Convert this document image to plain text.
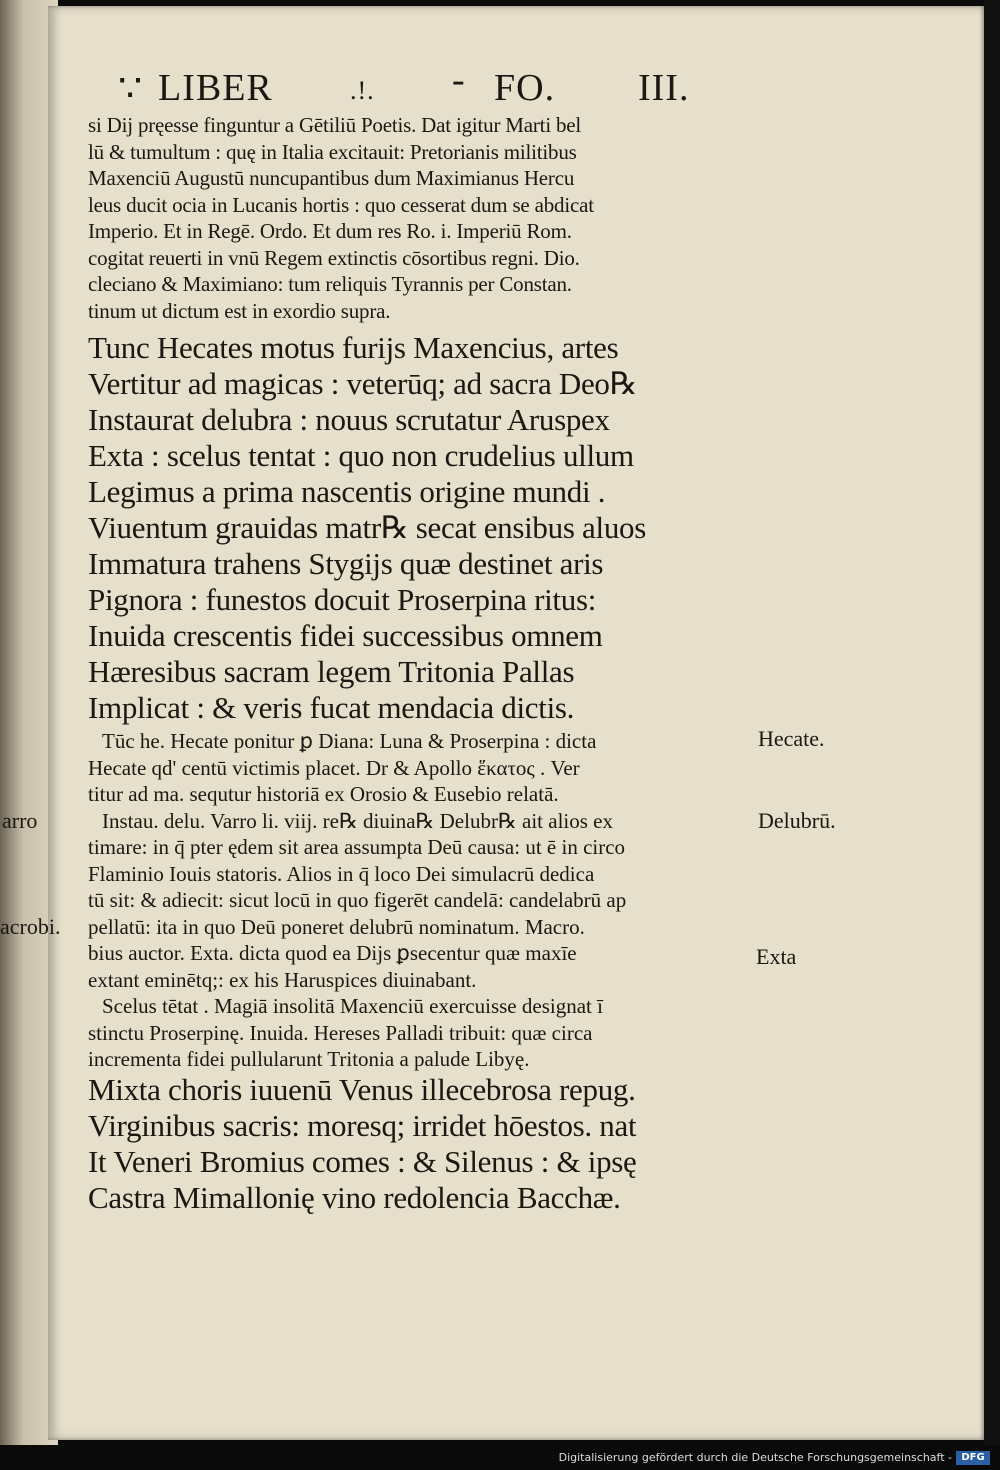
∵ LIBER	.!. - FO. III.
si Dij pręesse finguntur a Gētiliū Poetis. Dat igitur Marti bel
lū & tumultum : quę in Italia excitauit: Pretorianis militibus
Maxenciū Augustū nuncupantibus dum Maximianus Hercu
leus ducit ocia in Lucanis hortis : quo cesserat dum se abdicat
Imperio. Et in Regē. Ordo. Et dum res Ro. i. Imperiū Rom.
cogitat reuerti in vnū Regem extinctis cōsortibus regni. Dio.
cleciano & Maximiano: tum reliquis Tyrannis per Constan.
tinum ut dictum est in exordio supra.
Tunc Hecates motus furijs Maxencius, artes
Vertitur ad magicas : veterūq; ad sacra Deo℞
Instaurat delubra : nouus scrutatur Aruspex
Exta : scelus tentat : quo non crudelius ullum
Legimus a prima nascentis origine mundi .
Viuentum grauidas matr℞ secat ensibus aluos
Immatura trahens Stygijs quæ destinet aris
Pignora : funestos docuit Proserpina ritus:
Inuida crescentis fidei successibus omnem
Hæresibus sacram legem Tritonia Pallas
Implicat : & veris fucat mendacia dictis.
Tūc he. Hecate ponitur ꝑ Diana: Luna & Proserpina : dicta
Hecate qd' centū victimis placet. Dr & Apollo ἕκατος . Ver
titur ad ma. sequtur historiā ex Orosio & Eusebio relatā.
Instau. delu. Varro li. viij. re℞ diuina℞ Delubr℞ ait alios ex
timare: in q̄ pter ędem sit area assumpta Deū causa: ut ē in circo
Flaminio Iouis statoris. Alios in q̄ loco Dei simulacrū dedica
tū sit: & adiecit: sicut locū in quo figerēt candelā: candelabrū ap
pellatū: ita in quo Deū poneret delubrū nominatum. Macro.
bius auctor. Exta. dicta quod ea Dijs ꝑsecentur quæ maxīe
extant eminētq;: ex his Haruspices diuinabant.
Scelus tētat . Magiā insolitā Maxenciū exercuisse designat ī
stinctu Proserpinę. Inuida. Hereses Palladi tribuit: quæ circa
incrementa fidei pullularunt Tritonia a palude Libyę.
Mixta choris iuuenū Venus illecebrosa repug.
Virginibus sacris: moresq; irridet hōestos. nat
It Veneri Bromius comes : & Silenus : & ipsę
Castra Mimallonię vino redolencia Bacchæ.
Hecate.
Delubrū.
Exta
arro
acrobi.
Digitalisierung gefördert durch die Deutsche Forschungsgemeinschaft - DFG
